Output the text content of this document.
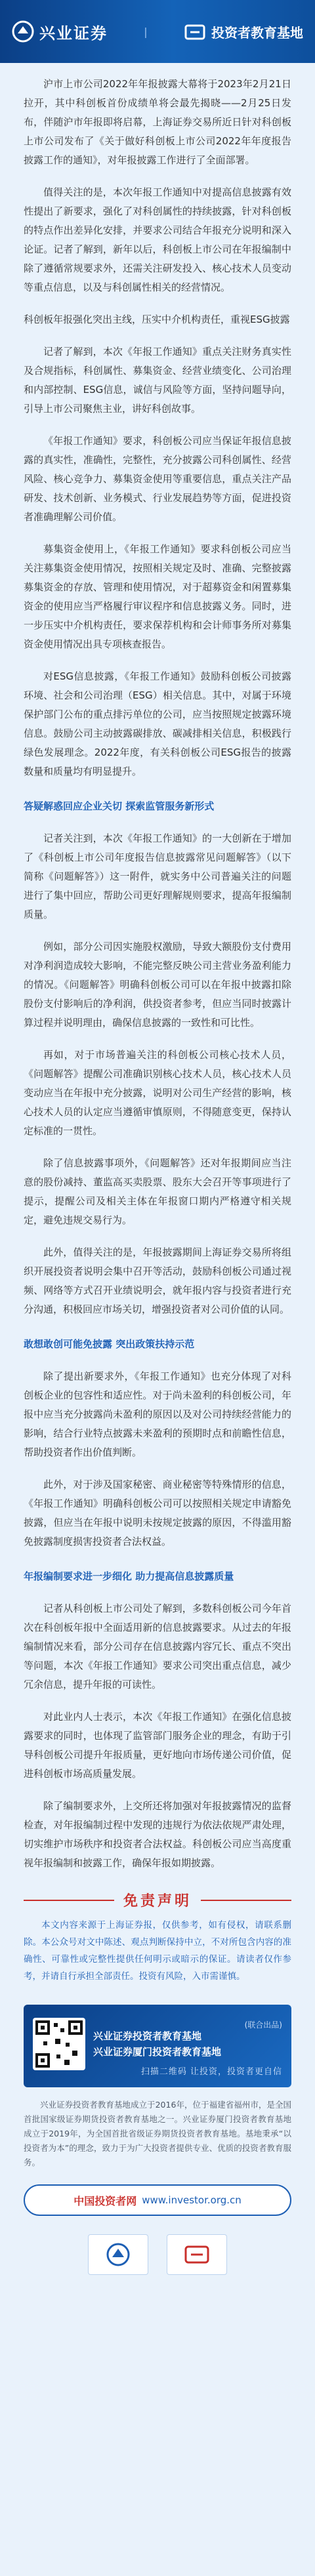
兴业证券	|	投资者教育基地

沪市上市公司2022年年报披露大幕将于2023年2月21日拉开，其中科创板首份成绩单将会最先揭晓——2月25日发布，伴随沪市年报即将启幕，上海证券交易所近日针对科创板上市公司发布了《关于做好科创板上市公司2022年年度报告披露工作的通知》，对年报披露工作进行了全面部署。

值得关注的是，本次年报工作通知中对提高信息披露有效性提出了新要求，强化了对科创属性的持续披露，针对科创板的特点作出差异化安排，并要求公司结合年报充分说明和深入论证。记者了解到，新年以后，科创板上市公司在年报编制中除了遵循常规要求外，还需关注研发投入、核心技术人员变动等重点信息，以及与科创属性相关的经营情况。

科创板年报强化突出主线，压实中介机构责任，重视ESG披露

记者了解到，本次《年报工作通知》重点关注财务真实性及合规指标，科创属性、募集资金、经营业绩变化、公司治理和内部控制、ESG信息，诚信与风险等方面，坚持问题导向，引导上市公司聚焦主业，讲好科创故事。

《年报工作通知》要求，科创板公司应当保证年报信息披露的真实性，准确性，完整性，充分披露公司科创属性、经营风险、核心竞争力、募集资金使用等重要信息，重点关注产品研发、技术创新、业务模式、行业发展趋势等方面，促进投资者准确理解公司价值。

募集资金使用上，《年报工作通知》要求科创板公司应当关注募集资金使用情况，按照相关规定及时、准确、完整披露募集资金的存放、管理和使用情况，对于超募资金和闲置募集资金的使用应当严格履行审议程序和信息披露义务。同时，进一步压实中介机构责任，要求保荐机构和会计师事务所对募集资金使用情况出具专项核查报告。

对ESG信息披露，《年报工作通知》鼓励科创板公司披露环境、社会和公司治理（ESG）相关信息。其中，对属于环境保护部门公布的重点排污单位的公司，应当按照规定披露环境信息。鼓励公司主动披露碳排放、碳减排相关信息，积极践行绿色发展理念。2022年度，有关科创板公司ESG报告的披露数量和质量均有明显提升。

答疑解惑回应企业关切 探索监管服务新形式

记者关注到，本次《年报工作通知》的一大创新在于增加了《科创板上市公司年度报告信息披露常见问题解答》（以下简称《问题解答》）这一附件，就实务中公司普遍关注的问题进行了集中回应，帮助公司更好理解规则要求，提高年报编制质量。

例如，部分公司因实施股权激励，导致大额股份支付费用对净利润造成较大影响，不能完整反映公司主营业务盈利能力的情况。《问题解答》明确科创板公司可以在年报中披露扣除股份支付影响后的净利润，供投资者参考，但应当同时披露计算过程并说明理由，确保信息披露的一致性和可比性。

再如，对于市场普遍关注的科创板公司核心技术人员，《问题解答》提醒公司准确识别核心技术人员，核心技术人员变动应当在年报中充分披露，说明对公司生产经营的影响，核心技术人员的认定应当遵循审慎原则，不得随意变更，保持认定标准的一贯性。

除了信息披露事项外，《问题解答》还对年报期间应当注意的股份减持、董监高买卖股票、股东大会召开等事项进行了提示，提醒公司及相关主体在年报窗口期内严格遵守相关规定，避免违规交易行为。

此外，值得关注的是，年报披露期间上海证券交易所将组织开展投资者说明会集中召开等活动，鼓励科创板公司通过视频、网络等方式召开业绩说明会，就年报内容与投资者进行充分沟通，积极回应市场关切，增强投资者对公司价值的认同。

敢想敢创可能免披露 突出政策扶持示范

除了提出新要求外，《年报工作通知》也充分体现了对科创板企业的包容性和适应性。对于尚未盈利的科创板公司，年报中应当充分披露尚未盈利的原因以及对公司持续经营能力的影响，结合行业特点披露未来盈利的预期时点和前瞻性信息，帮助投资者作出价值判断。

此外，对于涉及国家秘密、商业秘密等特殊情形的信息，《年报工作通知》明确科创板公司可以按照相关规定申请豁免披露，但应当在年报中说明未按规定披露的原因，不得滥用豁免披露制度损害投资者合法权益。

年报编制要求进一步细化 助力提高信息披露质量

记者从科创板上市公司处了解到，多数科创板公司今年首次在科创板年报中全面适用新的信息披露要求。从过去的年报编制情况来看，部分公司存在信息披露内容冗长、重点不突出等问题，本次《年报工作通知》要求公司突出重点信息，减少冗余信息，提升年报的可读性。

对此业内人士表示，本次《年报工作通知》在强化信息披露要求的同时，也体现了监管部门服务企业的理念，有助于引导科创板公司提升年报质量，更好地向市场传递公司价值，促进科创板市场高质量发展。

除了编制要求外，上交所还将加强对年报披露情况的监督检查，对年报编制过程中发现的违规行为依法依规严肃处理，切实维护市场秩序和投资者合法权益。科创板公司应当高度重视年报编制和披露工作，确保年报如期披露。

免责声明

本文内容来源于上海证券报，仅供参考，如有侵权，请联系删除。本公众号对文中陈述、观点判断保持中立，不对所包含内容的准确性、可靠性或完整性提供任何明示或暗示的保证。请读者仅作参考，并请自行承担全部责任。投资有风险，入市需谨慎。

兴业证券投资者教育基地
兴业证券厦门投资者教育基地
(联合出品)
扫描二维码 让投资，投资者更自信

兴业证券投资者教育基地成立于2016年，位于福建省福州市，是全国首批国家级证券期货投资者教育基地之一。兴业证券厦门投资者教育基地成立于2019年，为全国首批省级证券期货投资者教育基地。基地秉承“以投资者为本”的理念，致力于为广大投资者提供专业、优质的投资者教育服务。

中国投资者网 www.investor.org.cn
